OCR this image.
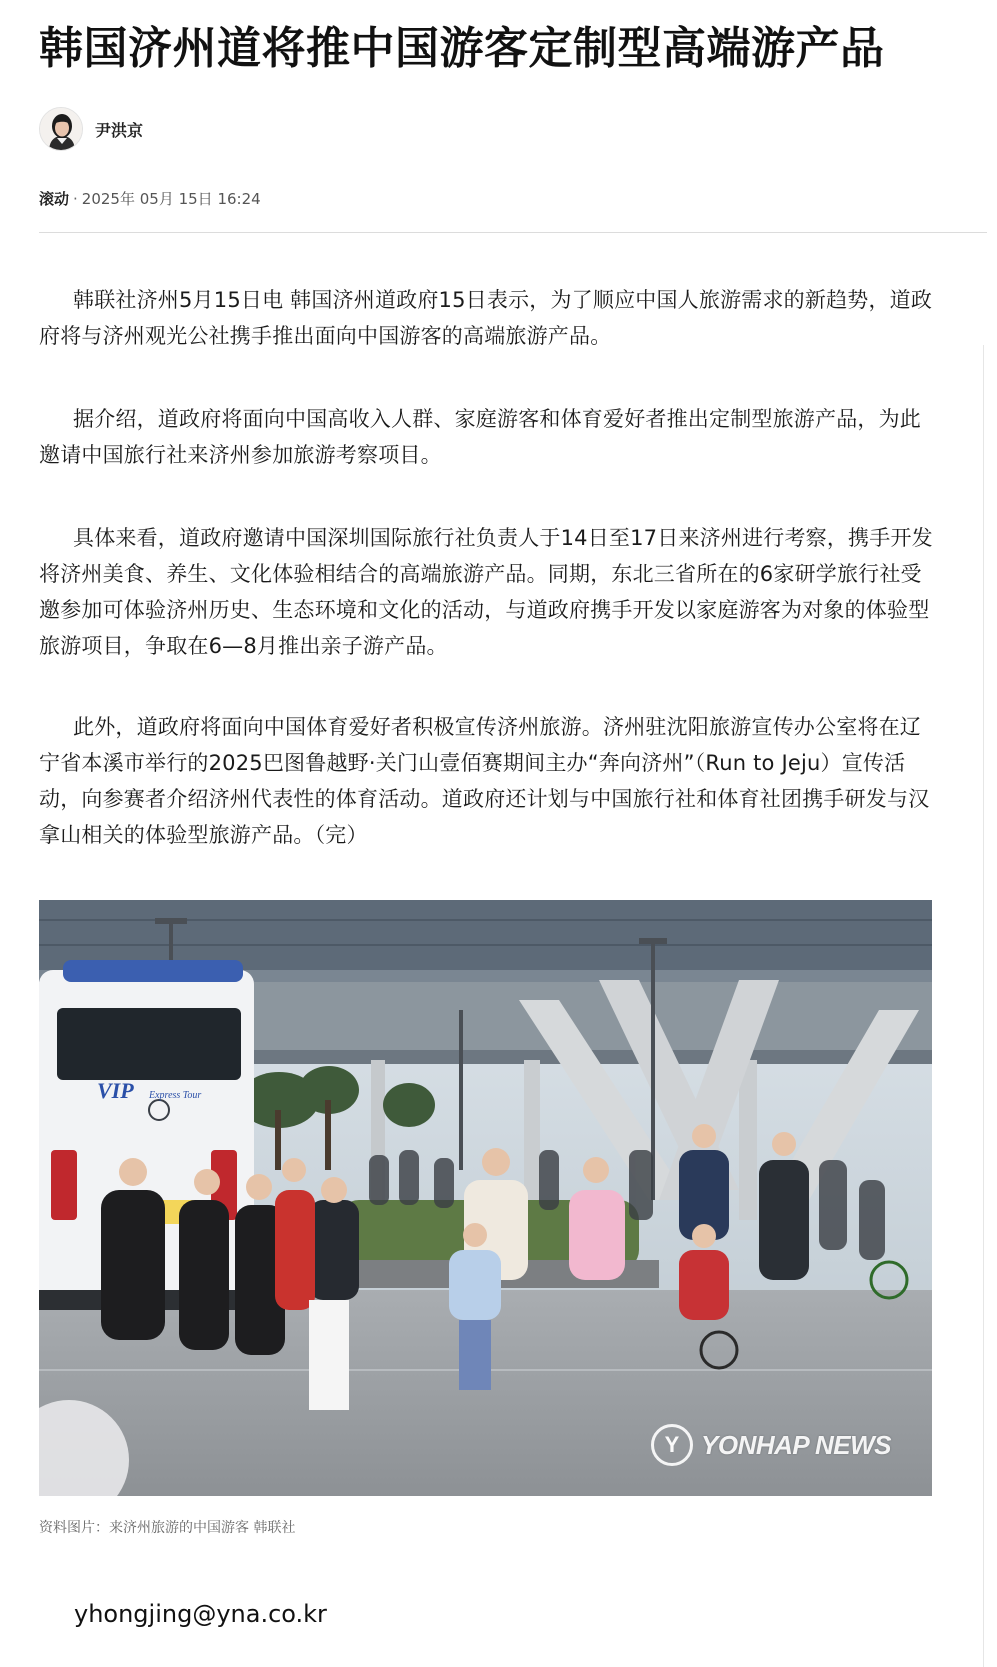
韩国济州道将推中国游客定制型高端游产品
尹洪京
滚动 · 2025年 05月 15日 16:24

韩联社济州5月15日电 韩国济州道政府15日表示，为了顺应中国人旅游需求的新趋势，道政府将与济州观光公社携手推出面向中国游客的高端旅游产品。

据介绍，道政府将面向中国高收入人群、家庭游客和体育爱好者推出定制型旅游产品，为此邀请中国旅行社来济州参加旅游考察项目。

具体来看，道政府邀请中国深圳国际旅行社负责人于14日至17日来济州进行考察，携手开发将济州美食、养生、文化体验相结合的高端旅游产品。同期，东北三省所在的6家研学旅行社受邀参加可体验济州历史、生态环境和文化的活动，与道政府携手开发以家庭游客为对象的体验型旅游项目，争取在6—8月推出亲子游产品。

此外，道政府将面向中国体育爱好者积极宣传济州旅游。济州驻沈阳旅游宣传办公室将在辽宁省本溪市举行的2025巴图鲁越野·关门山壹佰赛期间主办“奔向济州”（Run to Jeju）宣传活动，向参赛者介绍济州代表性的体育活动。道政府还计划与中国旅行社和体育社团携手研发与汉拿山相关的体验型旅游产品。（完）

VIP Express Tour
Y YONHAP NEWS
资料图片：来济州旅游的中国游客 韩联社
yhongjing@yna.co.kr
